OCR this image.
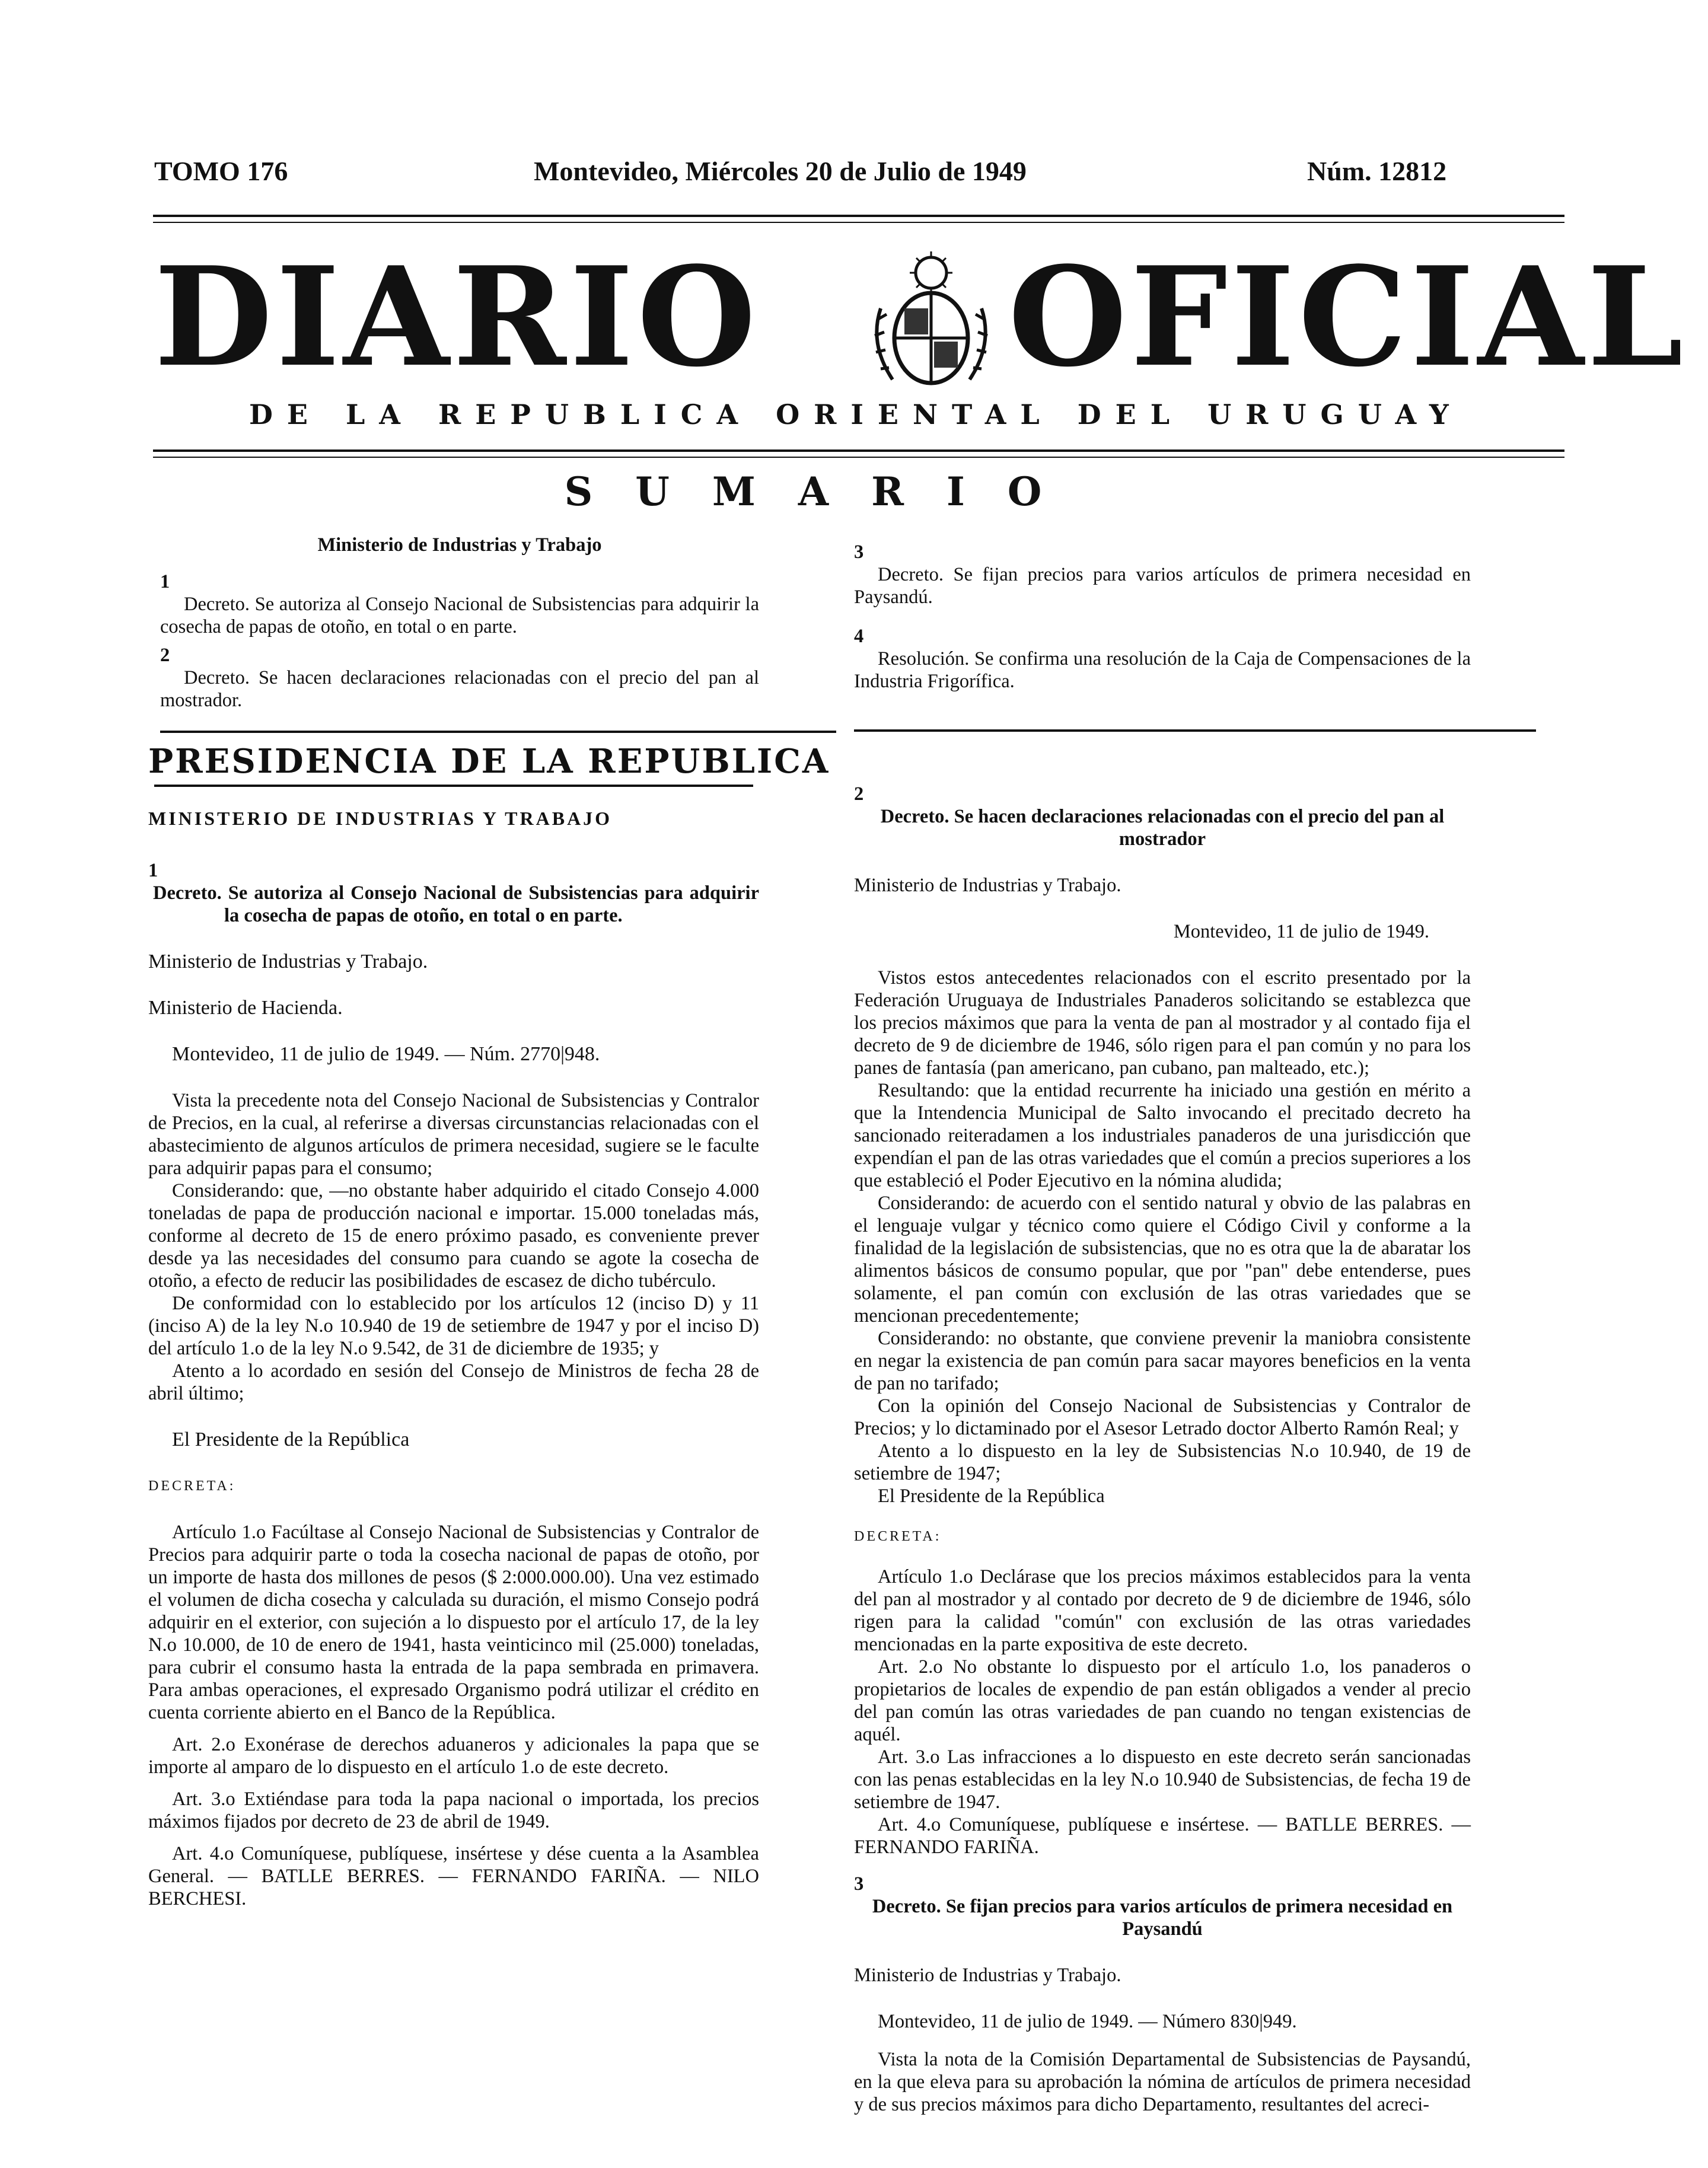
TOMO 176	Montevideo, Miércoles 20 de Julio de 1949	Núm. 12812
DIARIO OFICIAL
DE LA REPUBLICA ORIENTAL DEL URUGUAY
SUMARIO

Ministerio de Industrias y Trabajo

1

Decreto. Se autoriza al Consejo Nacional de Subsistencias para adquirir la cosecha de papas de otoño, en total o en parte.

2

Decreto. Se hacen declaraciones relacionadas con el precio del pan al mostrador.

3

Decreto. Se fijan precios para varios artículos de primera necesidad en Paysandú.

4

Resolución. Se confirma una resolución de la Caja de Compensaciones de la Industria Frigorífica.

PRESIDENCIA DE LA REPUBLICA

MINISTERIO DE INDUSTRIAS Y TRABAJO

1

Decreto. Se autoriza al Consejo Nacional de Subsistencias para adquirir la cosecha de papas de otoño, en total o en parte.

Ministerio de Industrias y Trabajo.

Ministerio de Hacienda.

Montevideo, 11 de julio de 1949. — Núm. 2770|948.

Vista la precedente nota del Consejo Nacional de Subsistencias y Contralor de Precios, en la cual, al referirse a diversas circunstancias relacionadas con el abastecimiento de algunos artículos de primera necesidad, sugiere se le faculte para adquirir papas para el consumo;

Considerando: que, —no obstante haber adquirido el citado Consejo 4.000 toneladas de papa de producción nacional e importar. 15.000 toneladas más, conforme al decreto de 15 de enero próximo pasado, es conveniente prever desde ya las necesidades del consumo para cuando se agote la cosecha de otoño, a efecto de reducir las posibilidades de escasez de dicho tubérculo.

De conformidad con lo establecido por los artículos 12 (inciso D) y 11 (inciso A) de la ley N.o 10.940 de 19 de setiembre de 1947 y por el inciso D) del artículo 1.o de la ley N.o 9.542, de 31 de diciembre de 1935; y

Atento a lo acordado en sesión del Consejo de Ministros de fecha 28 de abril último;

El Presidente de la República

DECRETA:

Artículo 1.o Facúltase al Consejo Nacional de Subsistencias y Contralor de Precios para adquirir parte o toda la cosecha nacional de papas de otoño, por un importe de hasta dos millones de pesos ($ 2:000.000.00). Una vez estimado el volumen de dicha cosecha y calculada su duración, el mismo Consejo podrá adquirir en el exterior, con sujeción a lo dispuesto por el artículo 17, de la ley N.o 10.000, de 10 de enero de 1941, hasta veinticinco mil (25.000) toneladas, para cubrir el consumo hasta la entrada de la papa sembrada en primavera. Para ambas operaciones, el expresado Organismo podrá utilizar el crédito en cuenta corriente abierto en el Banco de la República.

Art. 2.o Exonérase de derechos aduaneros y adicionales la papa que se importe al amparo de lo dispuesto en el artículo 1.o de este decreto.

Art. 3.o Extiéndase para toda la papa nacional o importada, los precios máximos fijados por decreto de 23 de abril de 1949.

Art. 4.o Comuníquese, publíquese, insértese y dése cuenta a la Asamblea General. — BATLLE BERRES. — FERNANDO FARIÑA. — NILO BERCHESI.

2

Decreto. Se hacen declaraciones relacionadas con el precio del pan al mostrador

Ministerio de Industrias y Trabajo.

Montevideo, 11 de julio de 1949.

Vistos estos antecedentes relacionados con el escrito presentado por la Federación Uruguaya de Industriales Panaderos solicitando se establezca que los precios máximos que para la venta de pan al mostrador y al contado fija el decreto de 9 de diciembre de 1946, sólo rigen para el pan común y no para los panes de fantasía (pan americano, pan cubano, pan malteado, etc.);

Resultando: que la entidad recurrente ha iniciado una gestión en mérito a que la Intendencia Municipal de Salto invocando el precitado decreto ha sancionado reiteradamen a los industriales panaderos de una jurisdicción que expendían el pan de las otras variedades que el común a precios superiores a los que estableció el Poder Ejecutivo en la nómina aludida;

Considerando: de acuerdo con el sentido natural y obvio de las palabras en el lenguaje vulgar y técnico como quiere el Código Civil y conforme a la finalidad de la legislación de subsistencias, que no es otra que la de abaratar los alimentos básicos de consumo popular, que por "pan" debe entenderse, pues solamente, el pan común con exclusión de las otras variedades que se mencionan precedentemente;

Considerando: no obstante, que conviene prevenir la maniobra consistente en negar la existencia de pan común para sacar mayores beneficios en la venta de pan no tarifado;

Con la opinión del Consejo Nacional de Subsistencias y Contralor de Precios; y lo dictaminado por el Asesor Letrado doctor Alberto Ramón Real; y

Atento a lo dispuesto en la ley de Subsistencias N.o 10.940, de 19 de setiembre de 1947;

El Presidente de la República

DECRETA:

Artículo 1.o Declárase que los precios máximos establecidos para la venta del pan al mostrador y al contado por decreto de 9 de diciembre de 1946, sólo rigen para la calidad "común" con exclusión de las otras variedades mencionadas en la parte expositiva de este decreto.

Art. 2.o No obstante lo dispuesto por el artículo 1.o, los panaderos o propietarios de locales de expendio de pan están obligados a vender al precio del pan común las otras variedades de pan cuando no tengan existencias de aquél.

Art. 3.o Las infracciones a lo dispuesto en este decreto serán sancionadas con las penas establecidas en la ley N.o 10.940 de Subsistencias, de fecha 19 de setiembre de 1947.

Art. 4.o Comuníquese, publíquese e insértese. — BATLLE BERRES. — FERNANDO FARIÑA.

3

Decreto. Se fijan precios para varios artículos de primera necesidad en Paysandú

Ministerio de Industrias y Trabajo.

Montevideo, 11 de julio de 1949. — Número 830|949.

Vista la nota de la Comisión Departamental de Subsistencias de Paysandú, en la que eleva para su aprobación la nómina de artículos de primera necesidad y de sus precios máximos para dicho Departamento, resultantes del acreci-
